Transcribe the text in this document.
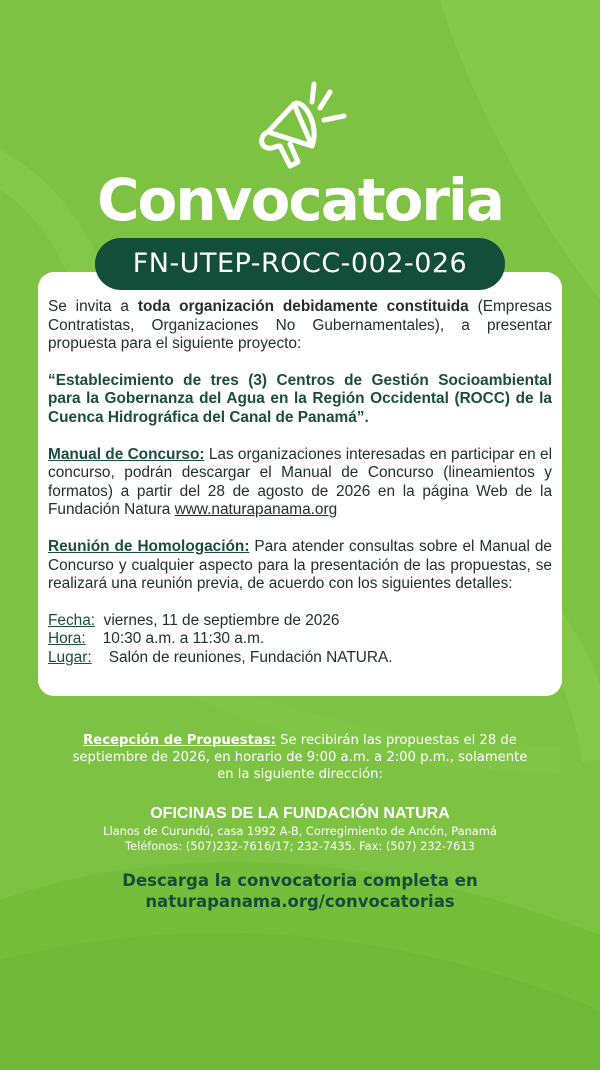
Convocatoria
FN-UTEP-ROCC-002-026

Se invita a toda organización debidamente constituida (Empresas Contratistas, Organizaciones No Gubernamentales), a presentar propuesta para el siguiente proyecto:

“Establecimiento de tres (3) Centros de Gestión Socioambiental para la Gobernanza del Agua en la Región Occidental (ROCC) de la Cuenca Hidrográfica del Canal de Panamá”.

Manual de Concurso: Las organizaciones interesadas en participar en el concurso, podrán descargar el Manual de Concurso (lineamientos y formatos) a partir del 28 de agosto de 2026 en la página Web de la Fundación Natura www.naturapanama.org

Reunión de Homologación: Para atender consultas sobre el Manual de Concurso y cualquier aspecto para la presentación de las propuestas, se realizará una reunión previa, de acuerdo con los siguientes detalles:

Fecha: viernes, 11 de septiembre de 2026

Hora: 10:30 a.m. a 11:30 a.m.

Lugar: Salón de reuniones, Fundación NATURA.

Recepción de Propuestas: Se recibirán las propuestas el 28 de septiembre de 2026, en horario de 9:00 a.m. a 2:00 p.m., solamente en la siguiente dirección:
OFICINAS DE LA FUNDACIÓN NATURA
Llanos de Curundú, casa 1992 A-B, Corregimiento de Ancón, Panamá
Teléfonos: (507)232-7616/17; 232-7435. Fax: (507) 232-7613
Descarga la convocatoria completa en
naturapanama.org/convocatorias
